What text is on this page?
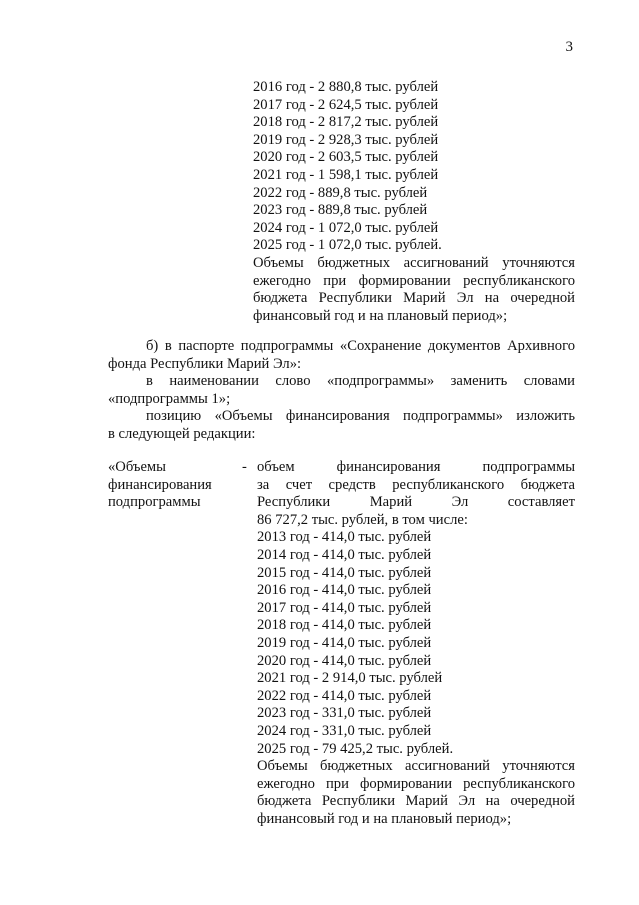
3
2016 год - 2 880,8 тыс. рублей
2017 год - 2 624,5 тыс. рублей
2018 год - 2 817,2 тыс. рублей
2019 год - 2 928,3 тыс. рублей
2020 год - 2 603,5 тыс. рублей
2021 год - 1 598,1 тыс. рублей
2022 год - 889,8 тыс. рублей
2023 год - 889,8 тыс. рублей
2024 год - 1 072,0 тыс. рублей
2025 год - 1 072,0 тыс. рублей.
Объемы бюджетных ассигнований уточняются
ежегодно при формировании республиканского
бюджета Республики Марий Эл на очередной
финансовый год и на плановый период»;
б) в паспорте подпрограммы «Сохранение документов Архивного
фонда Республики Марий Эл»:
в наименовании слово «подпрограммы» заменить словами
«подпрограммы 1»;
позицию «Объемы финансирования подпрограммы» изложить
в следующей редакции:
«Объемы
финансирования
подпрограммы
- объем финансирования подпрограммы
за счет средств республиканского бюджета
Республики Марий Эл составляет
86 727,2 тыс. рублей, в том числе:
2013 год - 414,0 тыс. рублей
2014 год - 414,0 тыс. рублей
2015 год - 414,0 тыс. рублей
2016 год - 414,0 тыс. рублей
2017 год - 414,0 тыс. рублей
2018 год - 414,0 тыс. рублей
2019 год - 414,0 тыс. рублей
2020 год - 414,0 тыс. рублей
2021 год - 2 914,0 тыс. рублей
2022 год - 414,0 тыс. рублей
2023 год - 331,0 тыс. рублей
2024 год - 331,0 тыс. рублей
2025 год - 79 425,2 тыс. рублей.
Объемы бюджетных ассигнований уточняются
ежегодно при формировании республиканского
бюджета Республики Марий Эл на очередной
финансовый год и на плановый период»;
